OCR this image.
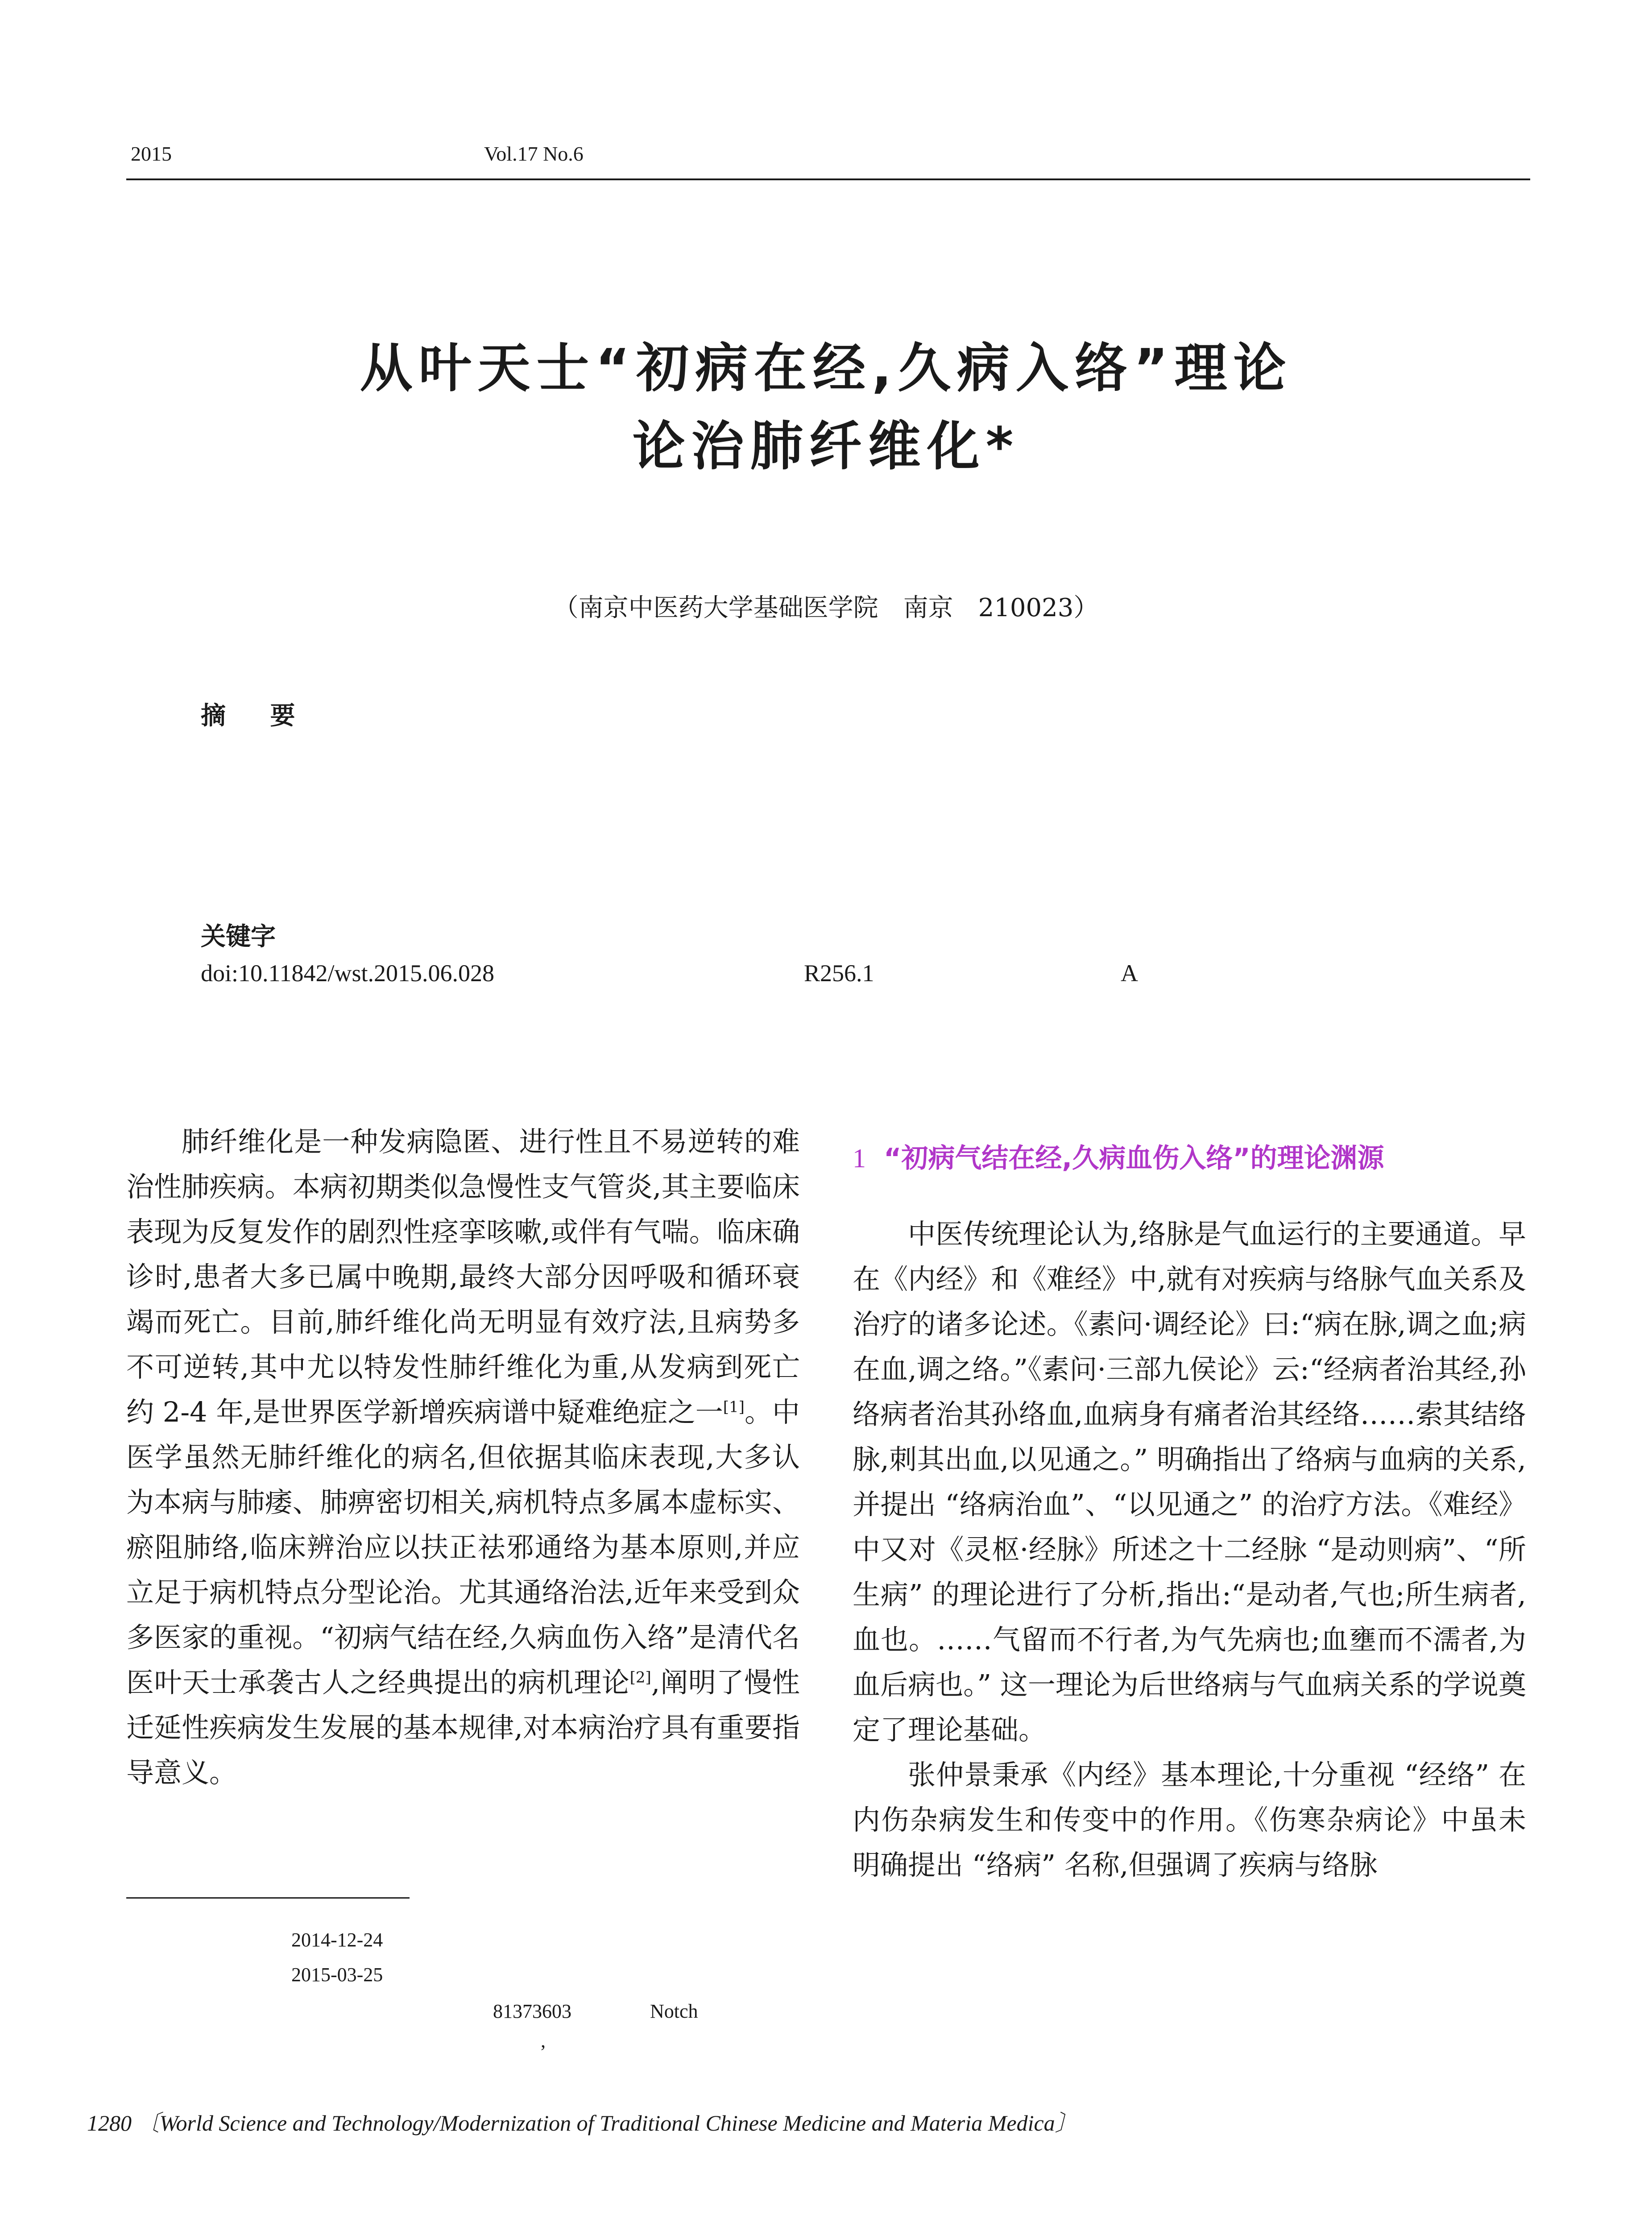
2015	Vol.17 No.6
从叶天士“初病在经,久病入络”理论
论治肺纤维化*
（南京中医药大学基础医学院　南京　210023）
摘 要
关键字
doi:10.11842/wst.2015.06.028	R256.1	A
肺纤维化是一种发病隐匿、进行性且不易逆转的难治性肺疾病。本病初期类似急慢性支气管炎,其主要临床表现为反复发作的剧烈性痉挛咳嗽,或伴有气喘。临床确诊时,患者大多已属中晚期,最终大部分因呼吸和循环衰竭而死亡。目前,肺纤维化尚无明显有效疗法,且病势多不可逆转,其中尤以特发性肺纤维化为重,从发病到死亡约 2-4 年,是世界医学新增疾病谱中疑难绝症之一[1]。中医学虽然无肺纤维化的病名,但依据其临床表现,大多认为本病与肺痿、肺痹密切相关,病机特点多属本虚标实、瘀阻肺络,临床辨治应以扶正祛邪通络为基本原则,并应立足于病机特点分型论治。尤其通络治法,近年来受到众多医家的重视。“初病气结在经,久病血伤入络”是清代名医叶天士承袭古人之经典提出的病机理论[2],阐明了慢性迁延性疾病发生发展的基本规律,对本病治疗具有重要指导意义。
1 “初病气结在经,久病血伤入络”的理论渊源

中医传统理论认为,络脉是气血运行的主要通道。早在《内经》和《难经》中,就有对疾病与络脉气血关系及治疗的诸多论述。《素问·调经论》曰:“病在脉,调之血;病在血,调之络。”《素问·三部九侯论》云:“经病者治其经,孙络病者治其孙络血,血病身有痛者治其经络……索其结络脉,刺其出血,以见通之。” 明确指出了络病与血病的关系,并提出 “络病治血”、“以见通之” 的治疗方法。《难经》中又对《灵枢·经脉》所述之十二经脉 “是动则病”、“所生病” 的理论进行了分析,指出:“是动者,气也;所生病者,血也。……气留而不行者,为气先病也;血壅而不濡者,为血后病也。” 这一理论为后世络病与气血病关系的学说奠定了理论基础。

张仲景秉承《内经》基本理论,十分重视 “经络” 在内伤杂病发生和传变中的作用。《伤寒杂病论》中虽未明确提出 “络病” 名称,但强调了疾病与络脉

2014-12-24
2015-03-25
81373603	Notch
,
1280 〔World Science and Technology/Modernization of Traditional Chinese Medicine and Materia Medica〕
